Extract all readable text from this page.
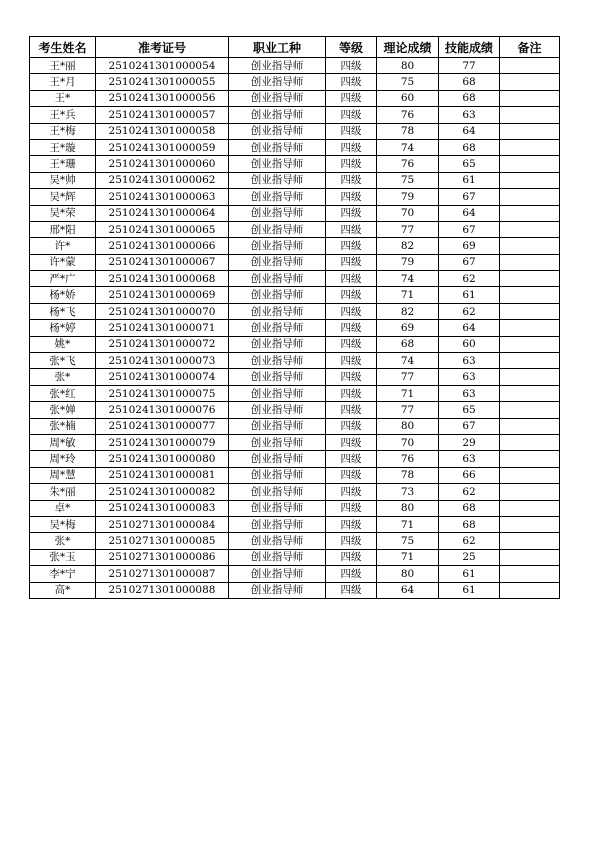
考生姓名	准考证号	职业工种	等级	理论成绩	技能成绩	备注
王*丽	2510241301000054	创业指导师	四级	80	77	
王*月	2510241301000055	创业指导师	四级	75	68	
王*	2510241301000056	创业指导师	四级	60	68	
王*兵	2510241301000057	创业指导师	四级	76	63	
王*梅	2510241301000058	创业指导师	四级	78	64	
王*璇	2510241301000059	创业指导师	四级	74	68	
王*珊	2510241301000060	创业指导师	四级	76	65	
吴*帅	2510241301000062	创业指导师	四级	75	61	
吴*辉	2510241301000063	创业指导师	四级	79	67	
吴*荣	2510241301000064	创业指导师	四级	70	64	
邢*阳	2510241301000065	创业指导师	四级	77	67	
许*	2510241301000066	创业指导师	四级	82	69	
许*蒙	2510241301000067	创业指导师	四级	79	67	
严*广	2510241301000068	创业指导师	四级	74	62	
杨*娇	2510241301000069	创业指导师	四级	71	61	
杨*飞	2510241301000070	创业指导师	四级	82	62	
杨*婷	2510241301000071	创业指导师	四级	69	64	
姚*	2510241301000072	创业指导师	四级	68	60	
张*飞	2510241301000073	创业指导师	四级	74	63	
张*	2510241301000074	创业指导师	四级	77	63	
张*红	2510241301000075	创业指导师	四级	71	63	
张*婵	2510241301000076	创业指导师	四级	77	65	
张*楠	2510241301000077	创业指导师	四级	80	67	
周*敏	2510241301000079	创业指导师	四级	70	29	
周*玲	2510241301000080	创业指导师	四级	76	63	
周*慧	2510241301000081	创业指导师	四级	78	66	
朱*丽	2510241301000082	创业指导师	四级	73	62	
卓*	2510241301000083	创业指导师	四级	80	68	
吴*梅	2510271301000084	创业指导师	四级	71	68	
张*	2510271301000085	创业指导师	四级	75	62	
张*玉	2510271301000086	创业指导师	四级	71	25	
李*宁	2510271301000087	创业指导师	四级	80	61	
高*	2510271301000088	创业指导师	四级	64	61	
